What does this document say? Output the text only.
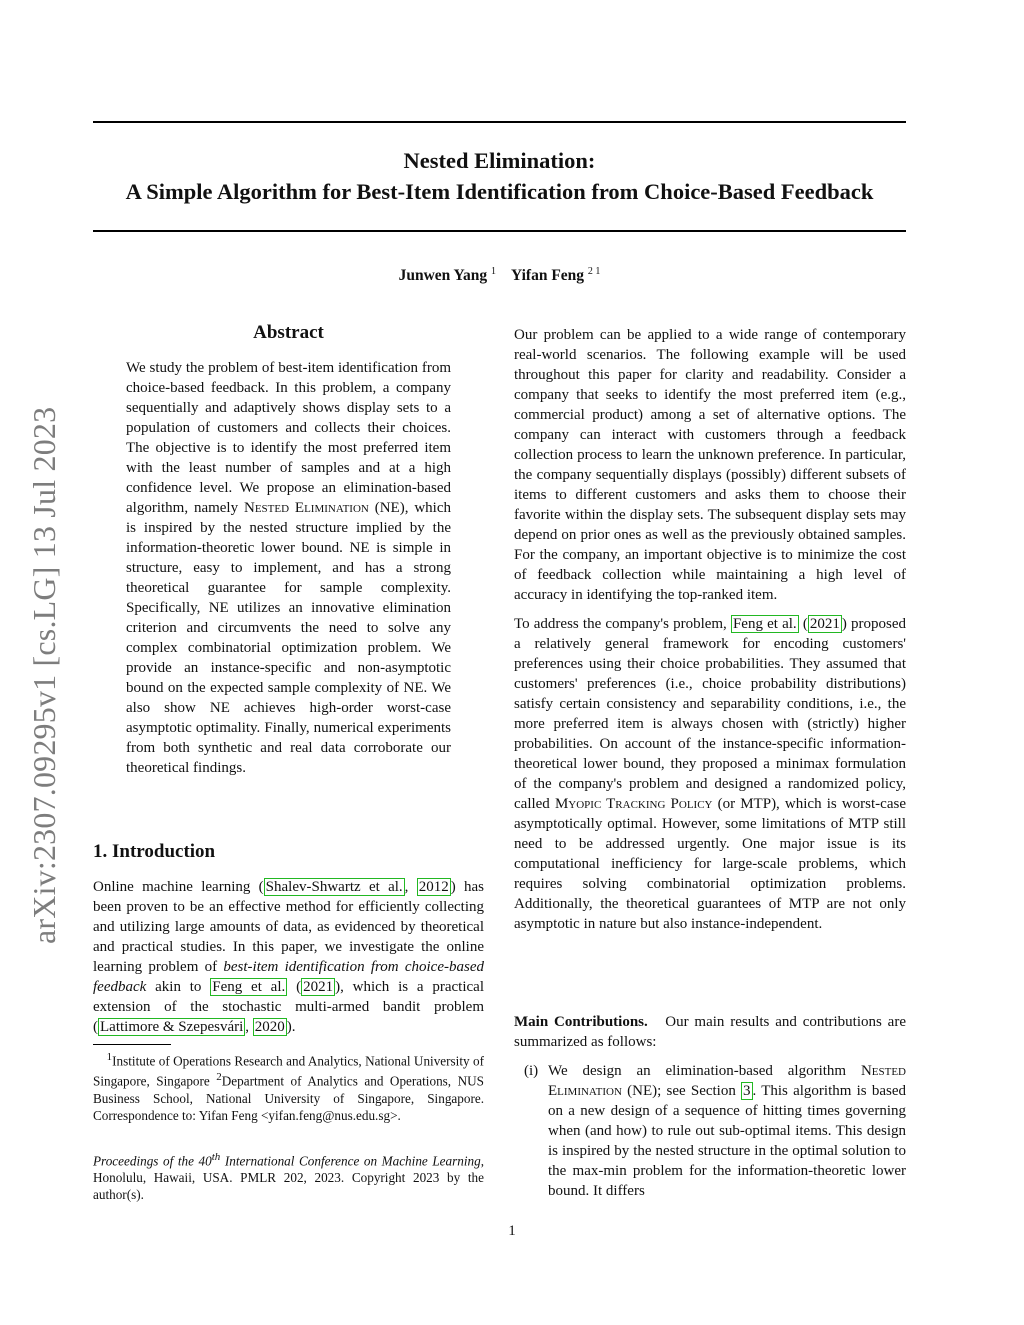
Nested Elimination:
A Simple Algorithm for Best-Item Identification from Choice-Based Feedback
Junwen Yang $^1$ Yifan Feng $^{2 1}$
arXiv:2307.09295v1 [cs.LG] 13 Jul 2023
Abstract
We study the problem of best-item identification from choice-based feedback. In this problem, a company sequentially and adaptively shows display sets to a population of customers and collects their choices. The objective is to identify the most preferred item with the least number of samples and at a high confidence level. We propose an elimination-based algorithm, namely Nested Elimination (NE), which is inspired by the nested structure implied by the information-theoretic lower bound. NE is simple in structure, easy to implement, and has a strong theoretical guarantee for sample complexity. Specifically, NE utilizes an innovative elimination criterion and circumvents the need to solve any complex combinatorial optimization problem. We provide an instance-specific and non-asymptotic bound on the expected sample complexity of NE. We also show NE achieves high-order worst-case asymptotic optimality. Finally, numerical experiments from both synthetic and real data corroborate our theoretical findings.
1. Introduction
Online machine learning ( Shalev-Shwartz et al. , 2012 ) has been proven to be an effective method for efficiently collecting and utilizing large amounts of data, as evidenced by theoretical and practical studies. In this paper, we investigate the online learning problem of best-item identification from choice-based feedback akin to Feng et al. ( 2021 ), which is a practical extension of the stochastic multi-armed bandit problem ( Lattimore & Szepesvári , 2020 ).
$^1$Institute of Operations Research and Analytics, National University of Singapore, Singapore $^2$Department of Analytics and Operations, NUS Business School, National University of Singapore, Singapore. Correspondence to: Yifan Feng <yifan.feng@nus.edu.sg>.
Proceedings of the 40th International Conference on Machine Learning, Honolulu, Hawaii, USA. PMLR 202, 2023. Copyright 2023 by the author(s).

Our problem can be applied to a wide range of contemporary real-world scenarios. The following example will be used throughout this paper for clarity and readability. Consider a company that seeks to identify the most preferred item (e.g., commercial product) among a set of alternative options. The company can interact with customers through a feedback collection process to learn the unknown preference. In particular, the company sequentially displays (possibly) different subsets of items to different customers and asks them to choose their favorite within the display sets. The subsequent display sets may depend on prior ones as well as the previously obtained samples. For the company, an important objective is to minimize the cost of feedback collection while maintaining a high level of accuracy in identifying the top-ranked item.

To address the company's problem, Feng et al. ( 2021 ) proposed a relatively general framework for encoding customers' preferences using their choice probabilities. They assumed that customers' preferences (i.e., choice probability distributions) satisfy certain consistency and separability conditions, i.e., the more preferred item is always chosen with (strictly) higher probabilities. On account of the instance-specific information-theoretical lower bound, they proposed a minimax formulation of the company's problem and designed a randomized policy, called Myopic Tracking Policy (or MTP), which is worst-case asymptotically optimal. However, some limitations of MTP still need to be addressed urgently. One major issue is its computational inefficiency for large-scale problems, which requires solving combinatorial optimization problems. Additionally, the theoretical guarantees of MTP are not only asymptotic in nature but also instance-independent.

Main Contributions. Our main results and contributions are summarized as follows:
(i) We design an elimination-based algorithm Nested Elimination (NE); see Section 3 . This algorithm is based on a new design of a sequence of hitting times governing when (and how) to rule out sub-optimal items. This design is inspired by the nested structure in the optimal solution to the max-min problem for the information-theoretic lower bound. It differs
1
